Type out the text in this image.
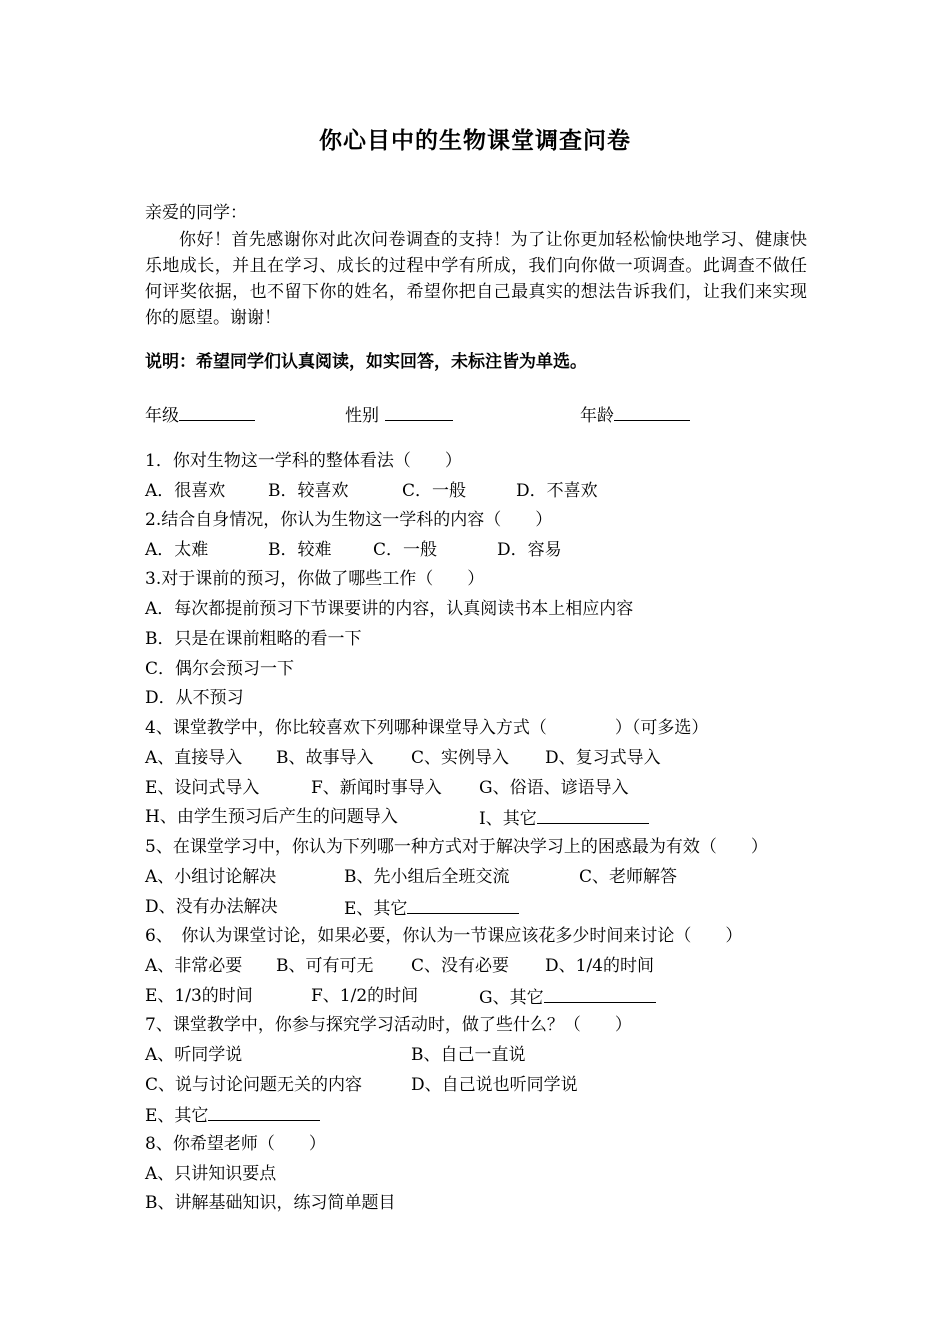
你心目中的生物课堂调查问卷
亲爱的同学：
你好！首先感谢你对此次问卷调查的支持！为了让你更加轻松愉快地学习、健康快乐地成长，并且在学习、成长的过程中学有所成，我们向你做一项调查。此调查不做任何评奖依据，也不留下你的姓名，希望你把自己最真实的想法告诉我们，让我们来实现你的愿望。谢谢！
说明：希望同学们认真阅读，如实回答，未标注皆为单选。
年级	性别	年龄
1．你对生物这一学科的整体看法（　　）
A．很喜欢	B．较喜欢	C．一般	D．不喜欢
2.结合自身情况，你认为生物这一学科的内容（　　）
A．太难	B．较难 C．一般	D．容易
3.对于课前的预习，你做了哪些工作（　　）
A．每次都提前预习下节课要讲的内容，认真阅读书本上相应内容
B．只是在课前粗略的看一下
C．偶尔会预习一下
D．从不预习
4、课堂教学中，你比较喜欢下列哪种课堂导入方式（　　　　）（可多选）
A、直接导入 B、故事导入 C、实例导入 D、复习式导入
E、设问式导入	F、新闻时事导入 G、俗语、谚语导入
H、由学生预习后产生的问题导入	I、其它
5、在课堂学习中，你认为下列哪一种方式对于解决学习上的困惑最为有效（　　）
A、小组讨论解决	B、先小组后全班交流	C、老师解答
D、没有办法解决	E、其它
6、　你认为课堂讨论，如果必要，你认为一节课应该花多少时间来讨论（　　）
A、非常必要 B、可有可无 C、没有必要 D、1/4的时间
E、1/3的时间	F、1/2的时间	G、其它
7、课堂教学中，你参与探究学习活动时，做了些什么？（　　）
A、听同学说	B、自己一直说
C、说与讨论问题无关的内容	D、自己说也听同学说
E、其它
8、你希望老师（　　）
A、只讲知识要点
B、讲解基础知识，练习简单题目
